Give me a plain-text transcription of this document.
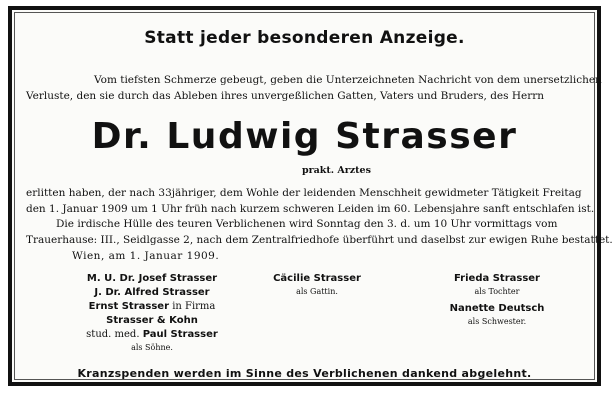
Statt jeder besonderen Anzeige.
Vom tiefsten Schmerze gebeugt, geben die Unterzeichneten Nachricht von dem unersetzlichen
Verluste, den sie durch das Ableben ihres unvergeßlichen Gatten, Vaters und Bruders, des Herrn
Dr. Ludwig Strasser
prakt. Arztes
erlitten haben, der nach 33jähriger, dem Wohle der leidenden Menschheit gewidmeter Tätigkeit Freitag
den 1. Januar 1909 um 1 Uhr früh nach kurzem schweren Leiden im 60. Lebensjahre sanft entschlafen ist.
Die irdische Hülle des teuren Verblichenen wird Sonntag den 3. d. um 10 Uhr vormittags vom
Trauerhause: III., Seidlgasse 2, nach dem Zentralfriedhofe überführt und daselbst zur ewigen Ruhe bestattet.
Wien, am 1. Januar 1909.
M. U. Dr. Josef Strasser
J. Dr. Alfred Strasser
Ernst Strasser in Firma
Strasser & Kohn
stud. med. Paul Strasser
als Söhne.
Cäcilie Strasser
als Gattin.
Frieda Strasser
als Tochter
Nanette Deutsch
als Schwester.
Kranzspenden werden im Sinne des Verblichenen dankend abgelehnt.
